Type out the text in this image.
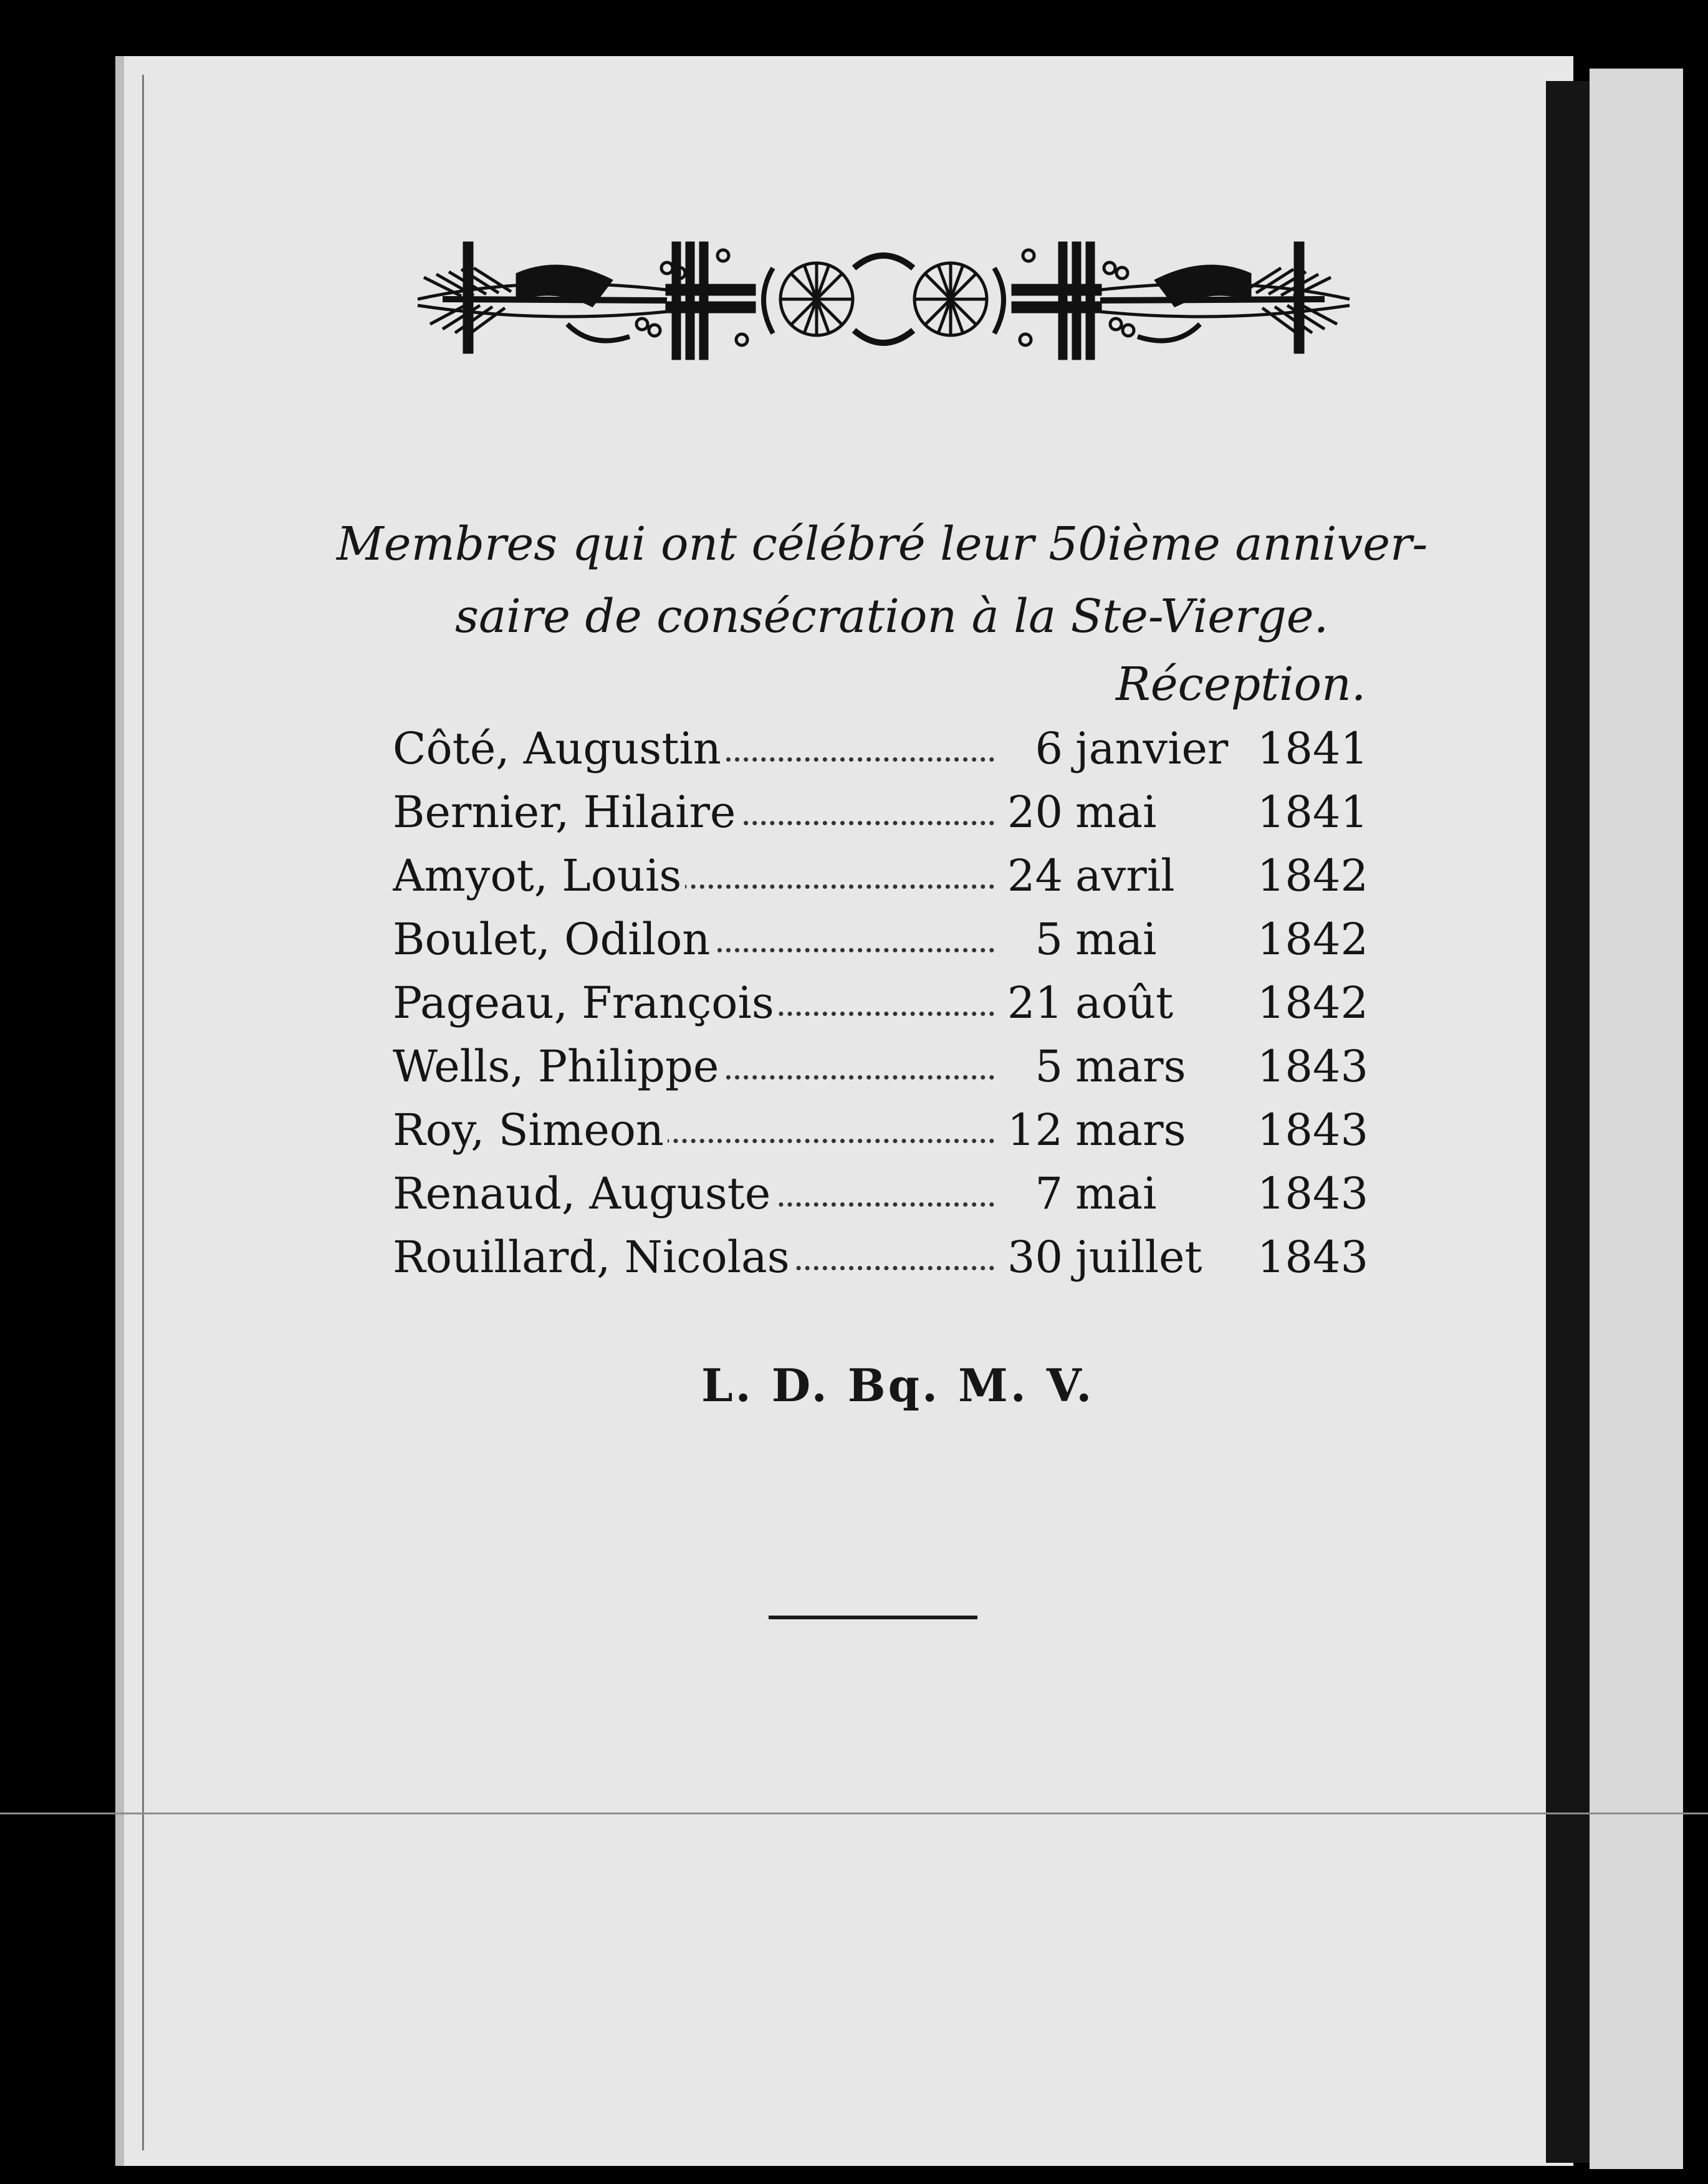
Membres qui ont célébré leur 50ième anniver-
saire de consécration à la Ste-Vierge.
Réception.
Côté, Augustin	6 janvier 1841
Bernier, Hilaire	20 mai	1841
Amyot, Louis	24 avril	1842
Boulet, Odilon	5 mai	1842
Pageau, François	21 août	1842
Wells, Philippe	5 mars	1843
Roy, Simeon	12 mars	1843
Renaud, Auguste	7 mai	1843
Rouillard, Nicolas	30 juillet	1843
L. D. Bq. M. V.
